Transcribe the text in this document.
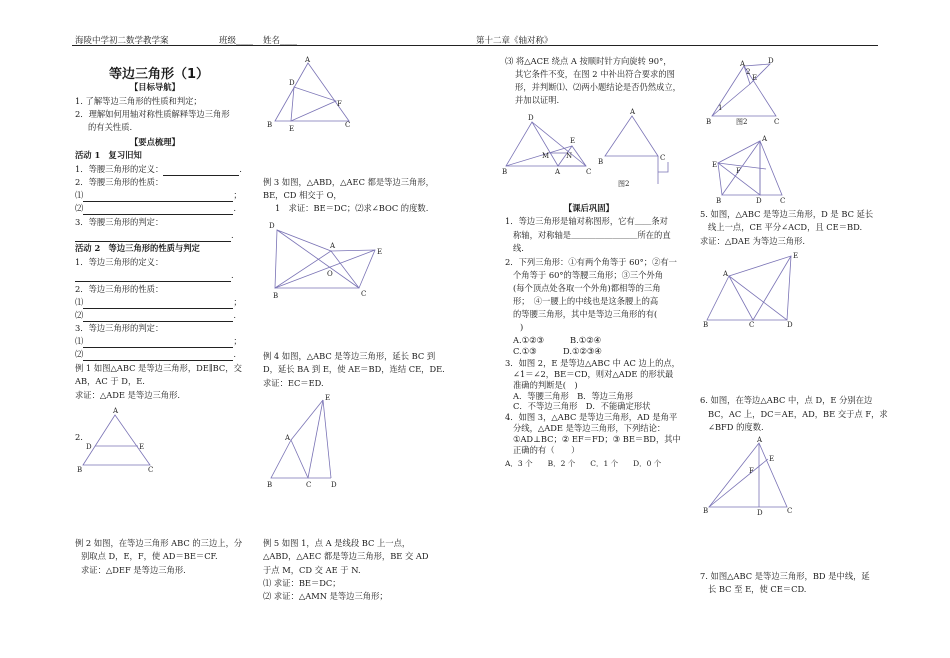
海陵中学初二数学教学案	班级____ 姓名____	第十二章《轴对称》
等边三角形（1）
【目标导航】
1. 了解等边三角形的性质和判定；
2．理解如何用轴对称性质解释等边三角形
的有关性质.
【要点梳理】
活动 1　复习旧知
1．等腰三角形的定义：	.
2．等腰三角形的性质：
⑴	；
⑵	.
3．等腰三角形的判定：
.
活动 2　等边三角形的性质与判定
1．等边三角形的定义：
.
2．等边三角形的性质：
⑴	；
⑵	.
3．等边三角形的判定：
⑴	；
⑵	.
例 1 如图△ABC 是等边三角形，DE∥BC，交
AB，AC 于 D，E.
求证：△ADE 是等边三角形.
2.
A
D	E
B	C
例 2 如图，在等边三角形 ABC 的三边上，分
别取点 D，E，F，使 AD＝BE＝CF.
求证：△DEF 是等边三角形.
A
D
F
B E	C
例 3 如图，△ABD，△AEC 都是等边三角形，
BE，CD 相交于 O，
1　求证：BE＝DC；⑵求∠BOC 的度数.
D
A
E
O
B	C
例 4 如图，△ABC 是等边三角形，延长 BC 到
D，延长 BA 到 E，使 AE＝BD，连结 CE，DE.
求证：EC＝ED.
E
A
B	C	D
例 5 如图 1，点 A 是线段 BC 上一点，
△ABD，△AEC 都是等边三角形，BE 交 AD
于点 M，CD 交 AE 于 N.
⑴ 求证：BE＝DC；
⑵ 求证：△AMN 是等边三角形；
⑶ 将△ACE 绕点 A 按顺时针方向旋转 90°，
其它条件不变，在图 2 中补出符合要求的图
形，并判断⑴、⑵两小题结论是否仍然成立，
并加以证明.
D
E
M N
B	A	C
A
B	C
图2
【课后巩固】
1．等边三角形是轴对称图形，它有＿＿条对
称轴，对称轴是＿＿＿＿＿＿＿＿所在的直
线.
2．下列三角形：①有两个角等于 60°；②有一
个角等于 60°的等腰三角形；③三个外角
(每个顶点处各取一个外角)都相等的三角
形；　④一腰上的中线也是这条腰上的高
的等腰三角形，其中是等边三角形的有(
)
A.①②③	B.①②④
C.①③	D.①②③④
3．如图 2，E 是等边△ABC 中 AC 边上的点，
∠1＝∠2，BE＝CD，则对△ADE 的形状最
准确的判断是(　)
A．等腰三角形　B．等边三角形
C．不等边三角形　D．不能确定形状
4．如图 3，△ABC 是等边三角形，AD 是角平
分线，△ADE 是等边三角形，下列结论：
①AD⊥BC；② EF＝FD；③ BE＝BD，其中
正确的有（　　）
A．3 个　　B．2 个　　C．1 个　　D．0 个
A	D
E
1
2
B	C
图2
A
E
F
B	D	C
5. 如图，△ABC 是等边三角形，D 是 BC 延长
线上一点，CE 平分∠ACD，且 CE＝BD.
求证：△DAE 为等边三角形.
E
A
B	C	D
6. 如图，在等边△ABC 中，点 D，E 分别在边
BC，AC 上，DC＝AE，AD，BE 交于点 F，求
∠BFD 的度数.
A
E
F
B	D	C
7. 如图△ABC 是等边三角形，BD 是中线，延
长 BC 至 E，使 CE＝CD.
